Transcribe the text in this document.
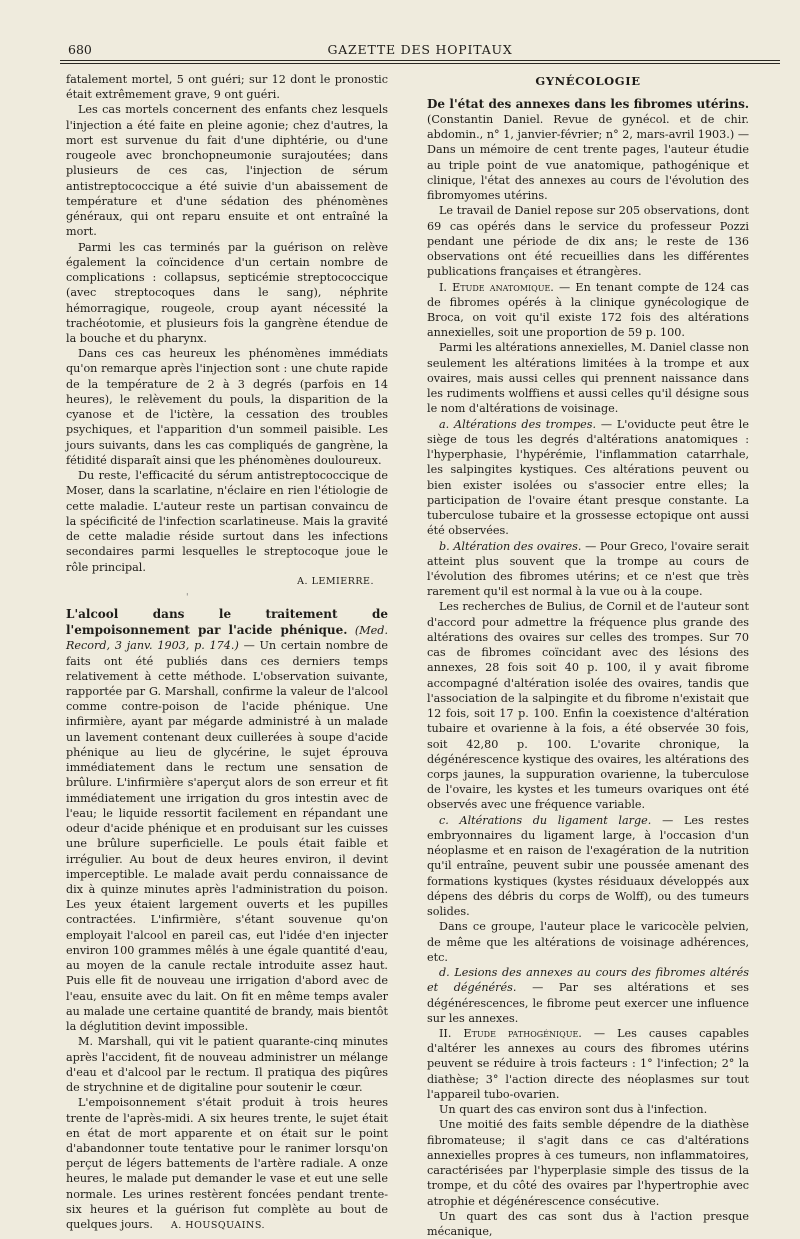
680	GAZETTE DES HOPITAUX

fatalement mortel, 5 ont guéri; sur 12 dont le pronostic était extrêmement grave, 9 ont guéri.

Les cas mortels concernent des enfants chez lesquels l'injection a été faite en pleine agonie; chez d'autres, la mort est survenue du fait d'une diphtérie, ou d'une rougeole avec bronchopneumonie surajoutées; dans plusieurs de ces cas, l'injection de sérum antistreptococcique a été suivie d'un abaissement de température et d'une sédation des phénomènes généraux, qui ont reparu ensuite et ont entraîné la mort.

Parmi les cas terminés par la guérison on relève également la coïncidence d'un certain nombre de complications : collapsus, septicémie streptococcique (avec streptocoques dans le sang), néphrite hémorragique, rougeole, croup ayant nécessité la trachéotomie, et plusieurs fois la gangrène étendue de la bouche et du pharynx.

Dans ces cas heureux les phénomènes immédiats qu'on remarque après l'injection sont : une chute rapide de la température de 2 à 3 degrés (parfois en 14 heures), le relèvement du pouls, la disparition de la cyanose et de l'ictère, la cessation des troubles psychiques, et l'apparition d'un sommeil paisible. Les jours suivants, dans les cas compliqués de gangrène, la fétidité disparaît ainsi que les phénomènes douloureux.

Du reste, l'efficacité du sérum antistreptococcique de Moser, dans la scarlatine, n'éclaire en rien l'étiologie de cette maladie. L'auteur reste un partisan convaincu de la spécificité de l'infection scarlatineuse. Mais la gravité de cette maladie réside surtout dans les infections secondaires parmi lesquelles le streptocoque joue le rôle principal.

A. LEMIERRE.
'

L'alcool dans le traitement de l'empoisonnement par l'acide phénique. (Med. Record, 3 janv. 1903, p. 174.) — Un certain nombre de faits ont été publiés dans ces derniers temps relativement à cette méthode. L'observation suivante, rapportée par G. Marshall, confirme la valeur de l'alcool comme contre-poison de l'acide phénique. Une infirmière, ayant par mégarde administré à un malade un lavement contenant deux cuillerées à soupe d'acide phénique au lieu de glycérine, le sujet éprouva immédiatement dans le rectum une sensation de brûlure. L'infirmière s'aperçut alors de son erreur et fit immédiatement une irrigation du gros intestin avec de l'eau; le liquide ressortit facilement en répandant une odeur d'acide phénique et en produisant sur les cuisses une brûlure superficielle. Le pouls était faible et irrégulier. Au bout de deux heures environ, il devint imperceptible. Le malade avait perdu connaissance de dix à quinze minutes après l'administration du poison. Les yeux étaient largement ouverts et les pupilles contractées. L'infirmière, s'étant souvenue qu'on employait l'alcool en pareil cas, eut l'idée d'en injecter environ 100 grammes mêlés à une égale quantité d'eau, au moyen de la canule rectale introduite assez haut. Puis elle fit de nouveau une irrigation d'abord avec de l'eau, ensuite avec du lait. On fit en même temps avaler au malade une certaine quantité de brandy, mais bientôt la déglutition devint impossible.

M. Marshall, qui vit le patient quarante-cinq minutes après l'accident, fit de nouveau administrer un mélange d'eau et d'alcool par le rectum. Il pratiqua des piqûres de strychnine et de digitaline pour soutenir le cœur.

L'empoisonnement s'était produit à trois heures trente de l'après-midi. A six heures trente, le sujet était en état de mort apparente et on était sur le point d'abandonner toute tentative pour le ranimer lorsqu'on perçut de légers battements de l'artère radiale. A onze heures, le malade put demander le vase et eut une selle normale. Les urines restèrent foncées pendant trente-six heures et la guérison fut complète au bout de quelques jours. A. HOUSQUAINS.

GYNÉCOLOGIE

De l'état des annexes dans les fibromes utérins. (Constantin Daniel. Revue de gynécol. et de chir. abdomin., n° 1, janvier-février; n° 2, mars-avril 1903.) — Dans un mémoire de cent trente pages, l'auteur étudie au triple point de vue anatomique, pathogénique et clinique, l'état des annexes au cours de l'évolution des fibromyomes utérins.

Le travail de Daniel repose sur 205 observations, dont 69 cas opérés dans le service du professeur Pozzi pendant une période de dix ans; le reste de 136 observations ont été recueillies dans les différentes publications françaises et étrangères.

I. Etude anatomique. — En tenant compte de 124 cas de fibromes opérés à la clinique gynécologique de Broca, on voit qu'il existe 172 fois des altérations annexielles, soit une proportion de 59 p. 100.

Parmi les altérations annexielles, M. Daniel classe non seulement les altérations limitées à la trompe et aux ovaires, mais aussi celles qui prennent naissance dans les rudiments wolffiens et aussi celles qu'il désigne sous le nom d'altérations de voisinage.

a. Altérations des trompes. — L'oviducte peut être le siège de tous les degrés d'altérations anatomiques : l'hyperphasie, l'hypérémie, l'inflammation catarrhale, les salpingites kystiques. Ces altérations peuvent ou bien exister isolées ou s'associer entre elles; la participation de l'ovaire étant presque constante. La tuberculose tubaire et la grossesse ectopique ont aussi été observées.

b. Altération des ovaires. — Pour Greco, l'ovaire serait atteint plus souvent que la trompe au cours de l'évolution des fibromes utérins; et ce n'est que très rarement qu'il est normal à la vue ou à la coupe.

Les recherches de Bulius, de Cornil et de l'auteur sont d'accord pour admettre la fréquence plus grande des altérations des ovaires sur celles des trompes. Sur 70 cas de fibromes coïncidant avec des lésions des annexes, 28 fois soit 40 p. 100, il y avait fibrome accompagné d'altération isolée des ovaires, tandis que l'association de la salpingite et du fibrome n'existait que 12 fois, soit 17 p. 100. Enfin la coexistence d'altération tubaire et ovarienne à la fois, a été observée 30 fois, soit 42,80 p. 100. L'ovarite chronique, la dégénérescence kystique des ovaires, les altérations des corps jaunes, la suppuration ovarienne, la tuberculose de l'ovaire, les kystes et les tumeurs ovariques ont été observés avec une fréquence variable.

c. Altérations du ligament large. — Les restes embryonnaires du ligament large, à l'occasion d'un néoplasme et en raison de l'exagération de la nutrition qu'il entraîne, peuvent subir une poussée amenant des formations kystiques (kystes résiduaux développés aux dépens des débris du corps de Wolff), ou des tumeurs solides.

Dans ce groupe, l'auteur place le varicocèle pelvien, de même que les altérations de voisinage adhérences, etc.

d. Lesions des annexes au cours des fibromes altérés et dégénérés. — Par ses altérations et ses dégénérescences, le fibrome peut exercer une influence sur les annexes.

II. Etude pathogénique. — Les causes capables d'altérer les annexes au cours des fibromes utérins peuvent se réduire à trois facteurs : 1° l'infection; 2° la diathèse; 3° l'action directe des néoplasmes sur tout l'appareil tubo-ovarien.

Un quart des cas environ sont dus à l'infection.

Une moitié des faits semble dépendre de la diathèse fibromateuse; il s'agit dans ce cas d'altérations annexielles propres à ces tumeurs, non inflammatoires, caractérisées par l'hyperplasie simple des tissus de la trompe, et du côté des ovaires par l'hypertrophie avec atrophie et dégénérescence consécutive.

Un quart des cas sont dus à l'action presque mécanique,
